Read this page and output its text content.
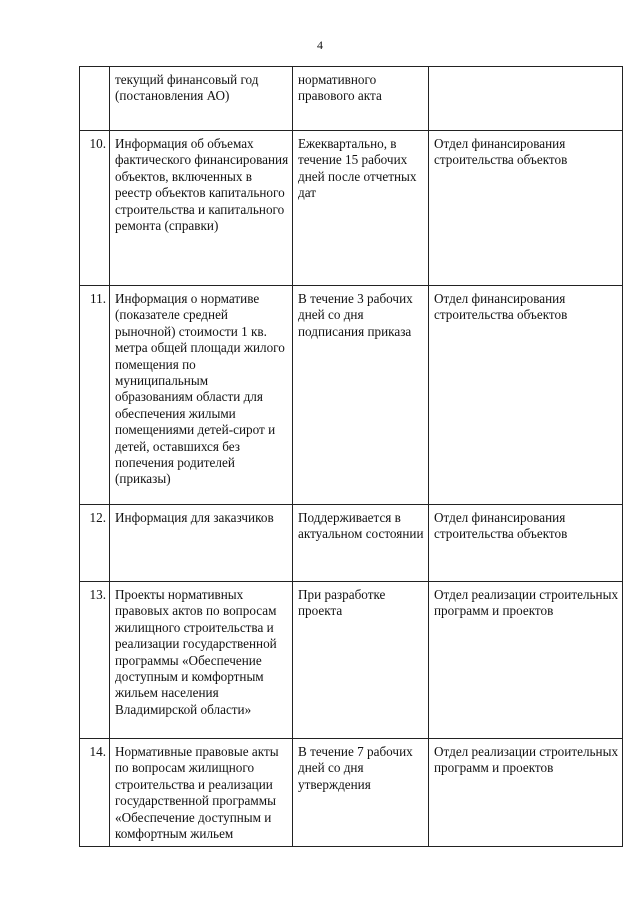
4
	текущий финансовый год (постановления АО)	нормативного правового акта	
10.	Информация об объемах фактического финансирования объектов, включенных в реестр объектов капитального строительства и капитального ремонта (справки)	Ежеквартально, в течение 15 рабочих дней после отчетных дат	Отдел финансирования строительства объектов
11.	Информация о нормативе (показателе средней рыночной) стоимости 1 кв. метра общей площади жилого помещения по муниципальным образованиям области для обеспечения жилыми помещениями детей-сирот и детей, оставшихся без попечения родителей (приказы)	В течение 3 рабочих дней со дня подписания приказа	Отдел финансирования строительства объектов
12.	Информация для заказчиков	Поддерживается в актуальном состоянии	Отдел финансирования строительства объектов
13.	Проекты нормативных правовых актов по вопросам жилищного строительства и реализации государственной программы «Обеспечение доступным и комфортным жильем населения Владимирской области»	При разработке проекта	Отдел реализации строительных программ и проектов
14.	Нормативные правовые акты по вопросам жилищного строительства и реализации государственной программы «Обеспечение доступным и комфортным жильем	В течение 7 рабочих дней со дня утверждения	Отдел реализации строительных программ и проектов
